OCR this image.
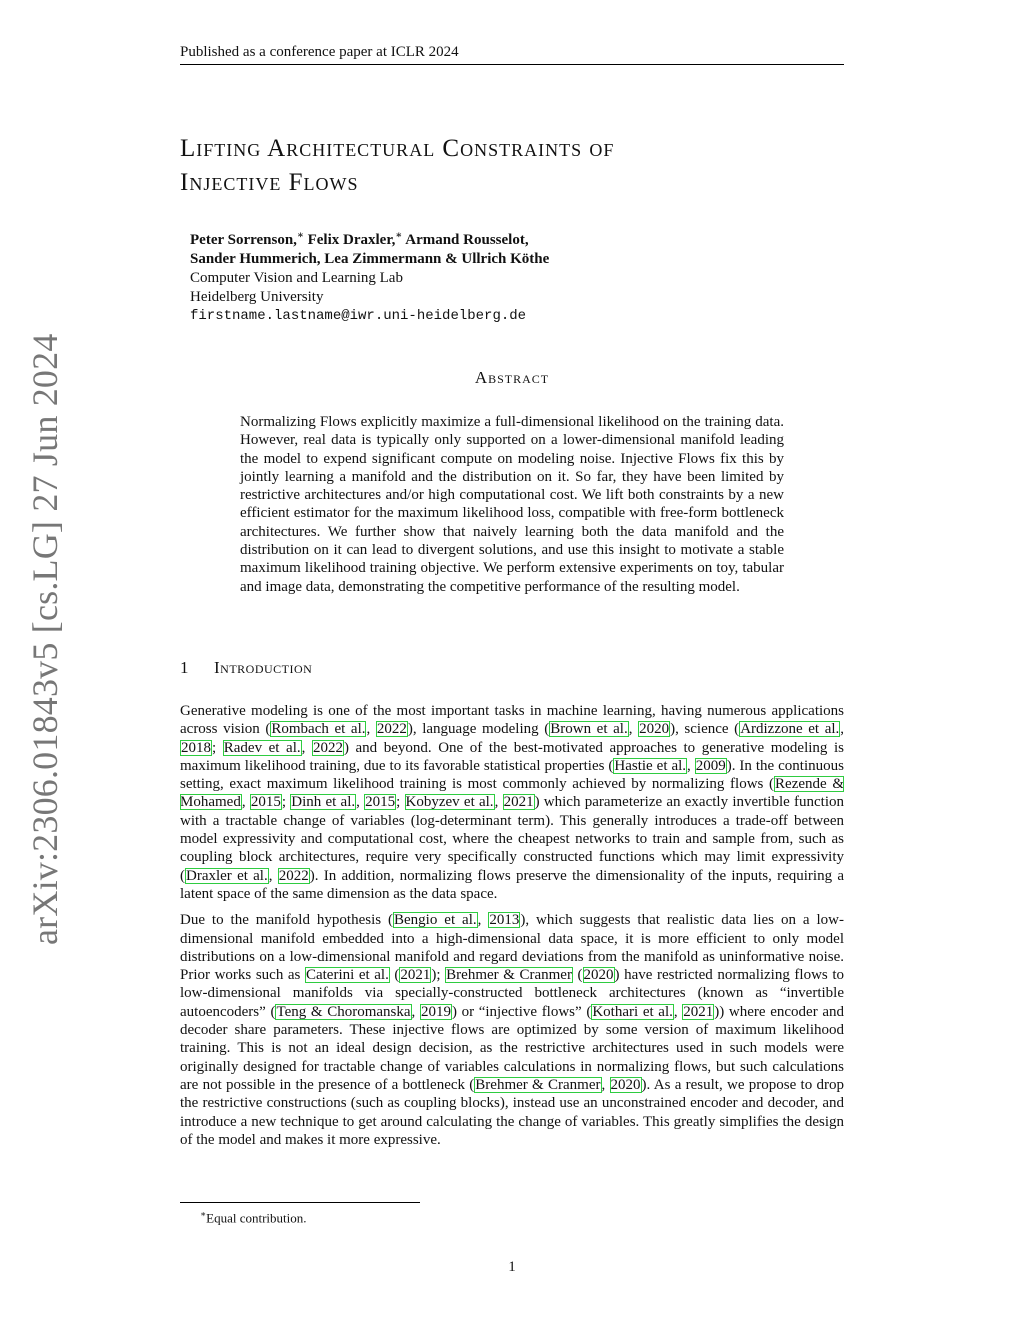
Published as a conference paper at ICLR 2024
Lifting Architectural Constraints of
Injective Flows
Peter Sorrenson,∗ Felix Draxler,∗ Armand Rousselot,
Sander Hummerich, Lea Zimmermann & Ullrich Köthe
Computer Vision and Learning Lab
Heidelberg University
firstname.lastname@iwr.uni-heidelberg.de
arXiv:2306.01843v5 [cs.LG] 27 Jun 2024	Abstract
Normalizing Flows explicitly maximize a full-dimensional likelihood on the training data. However, real data is typically only supported on a lower-dimensional manifold leading the model to expend significant compute on modeling noise. Injective Flows fix this by jointly learning a manifold and the distribution on it. So far, they have been limited by restrictive architectures and/or high computational cost. We lift both constraints by a new efficient estimator for the maximum likelihood loss, compatible with free-form bottleneck architectures. We further show that naively learning both the data manifold and the distribution on it can lead to divergent solutions, and use this insight to motivate a stable maximum likelihood training objective. We perform extensive experiments on toy, tabular and image data, demonstrating the competitive performance of the resulting model.
1 Introduction

Generative modeling is one of the most important tasks in machine learning, having numerous applications across vision (Rombach et al., 2022), language modeling (Brown et al., 2020), science (Ardizzone et al., 2018; Radev et al., 2022) and beyond. One of the best-motivated approaches to generative modeling is maximum likelihood training, due to its favorable statistical properties (Hastie et al., 2009). In the continuous setting, exact maximum likelihood training is most commonly achieved by normalizing flows (Rezende & Mohamed, 2015; Dinh et al., 2015; Kobyzev et al., 2021) which parameterize an exactly invertible function with a tractable change of variables (log-determinant term). This generally introduces a trade-off between model expressivity and computational cost, where the cheapest networks to train and sample from, such as coupling block architectures, require very specifically constructed functions which may limit expressivity (Draxler et al., 2022). In addition, normalizing flows preserve the dimensionality of the inputs, requiring a latent space of the same dimension as the data space.

Due to the manifold hypothesis (Bengio et al., 2013), which suggests that realistic data lies on a low-dimensional manifold embedded into a high-dimensional data space, it is more efficient to only model distributions on a low-dimensional manifold and regard deviations from the manifold as uninformative noise. Prior works such as Caterini et al. (2021); Brehmer & Cranmer (2020) have restricted normalizing flows to low-dimensional manifolds via specially-constructed bottleneck architectures (known as “invertible autoencoders” (Teng & Choromanska, 2019) or “injective flows” (Kothari et al., 2021)) where encoder and decoder share parameters. These injective flows are optimized by some version of maximum likelihood training. This is not an ideal design decision, as the restrictive architectures used in such models were originally designed for tractable change of variables calculations in normalizing flows, but such calculations are not possible in the presence of a bottleneck (Brehmer & Cranmer, 2020). As a result, we propose to drop the restrictive constructions (such as coupling blocks), instead use an unconstrained encoder and decoder, and introduce a new technique to get around calculating the change of variables. This greatly simplifies the design of the model and makes it more expressive.

∗Equal contribution.
1
